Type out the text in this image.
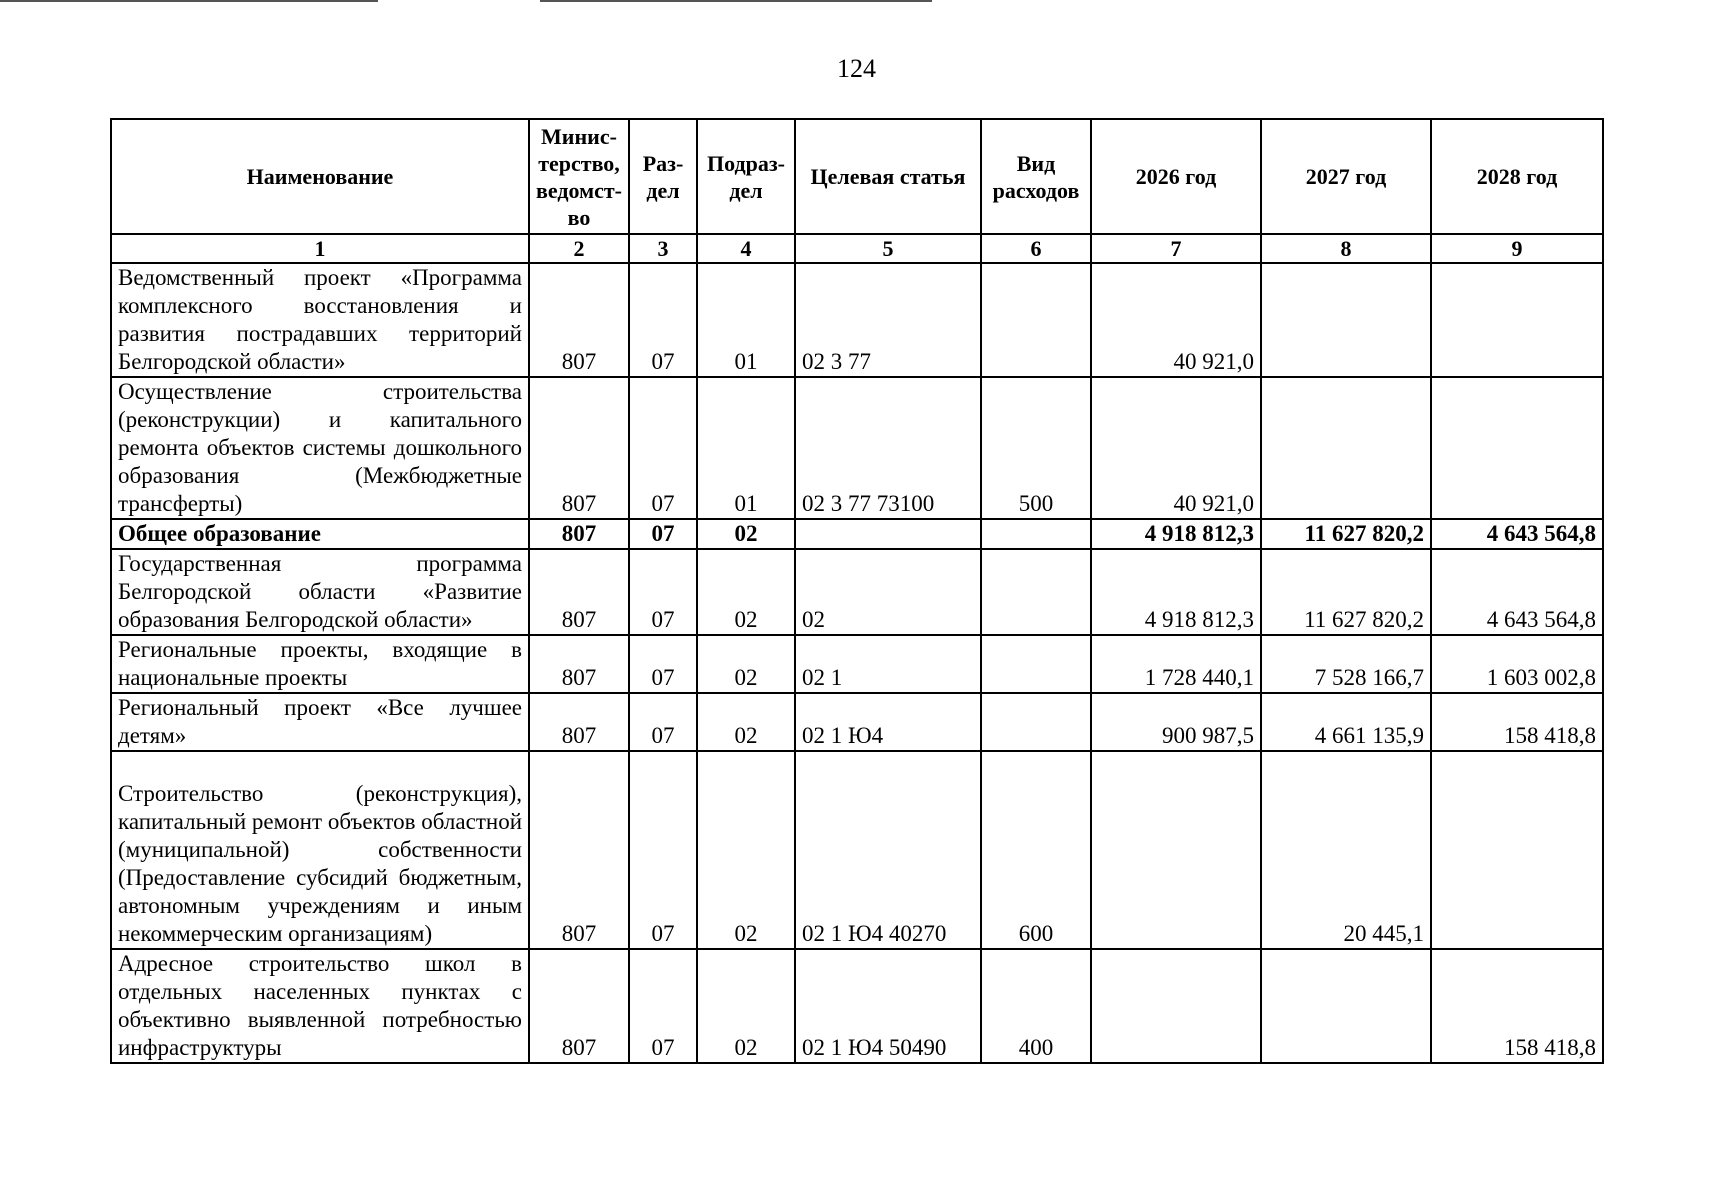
124
Наименование	Минис-терство, ведомст-во	Раз-дел	Подраз-дел	Целевая статья	Вид расходов	2026 год	2027 год	2028 год
1	2	3	4	5	6	7	8	9
Ведомственный проект «Программа комплексного восстановления и развития пострадавших территорий Белгородской области»	807	07	01	02 3 77		40 921,0		
Осуществление строительства (реконструкции) и капитального ремонта объектов системы дошкольного образования (Межбюджетные трансферты)	807	07	01	02 3 77 73100	500	40 921,0		
Общее образование	807	07	02			4 918 812,3	11 627 820,2	4 643 564,8
Государственная программа Белгородской области «Развитие образования Белгородской области»	807	07	02	02		4 918 812,3	11 627 820,2	4 643 564,8
Региональные проекты, входящие в национальные проекты	807	07	02	02 1		1 728 440,1	7 528 166,7	1 603 002,8
Региональный проект «Все лучшее детям»	807	07	02	02 1 Ю4		900 987,5	4 661 135,9	158 418,8
Строительство (реконструкция), капитальный ремонт объектов областной (муниципальной) собственности (Предоставление субсидий бюджетным, автономным учреждениям и иным некоммерческим организациям)	807	07	02	02 1 Ю4 40270	600		20 445,1	
Адресное строительство школ в отдельных населенных пунктах с объективно выявленной потребностью инфраструктуры	807	07	02	02 1 Ю4 50490	400			158 418,8
